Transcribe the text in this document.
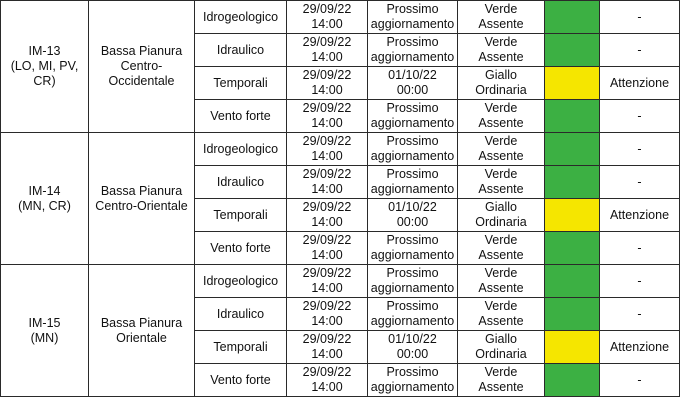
IM-13
(LO, MI, PV, CR)	Bassa Pianura Centro-Occidentale	Idrogeologico	29/09/22
14:00	Prossimo
aggiornamento	Verde
Assente		-
		Idraulico	29/09/22
14:00	Prossimo
aggiornamento	Verde
Assente		-
		Temporali	29/09/22
14:00	01/10/22
00:00	Giallo
Ordinaria		Attenzione
		Vento forte	29/09/22
14:00	Prossimo
aggiornamento	Verde
Assente		-

IM-14
(MN, CR)	Bassa Pianura Centro-Orientale	Idrogeologico	29/09/22
14:00	Prossimo
aggiornamento	Verde
Assente		-
		Idraulico	29/09/22
14:00	Prossimo
aggiornamento	Verde
Assente		-
		Temporali	29/09/22
14:00	01/10/22
00:00	Giallo
Ordinaria		Attenzione
		Vento forte	29/09/22
14:00	Prossimo
aggiornamento	Verde
Assente		-

IM-15
(MN)	Bassa Pianura Orientale	Idrogeologico	29/09/22
14:00	Prossimo
aggiornamento	Verde
Assente		-
		Idraulico	29/09/22
14:00	Prossimo
aggiornamento	Verde
Assente		-
		Temporali	29/09/22
14:00	01/10/22
00:00	Giallo
Ordinaria		Attenzione
		Vento forte	29/09/22
14:00	Prossimo
aggiornamento	Verde
Assente		-
